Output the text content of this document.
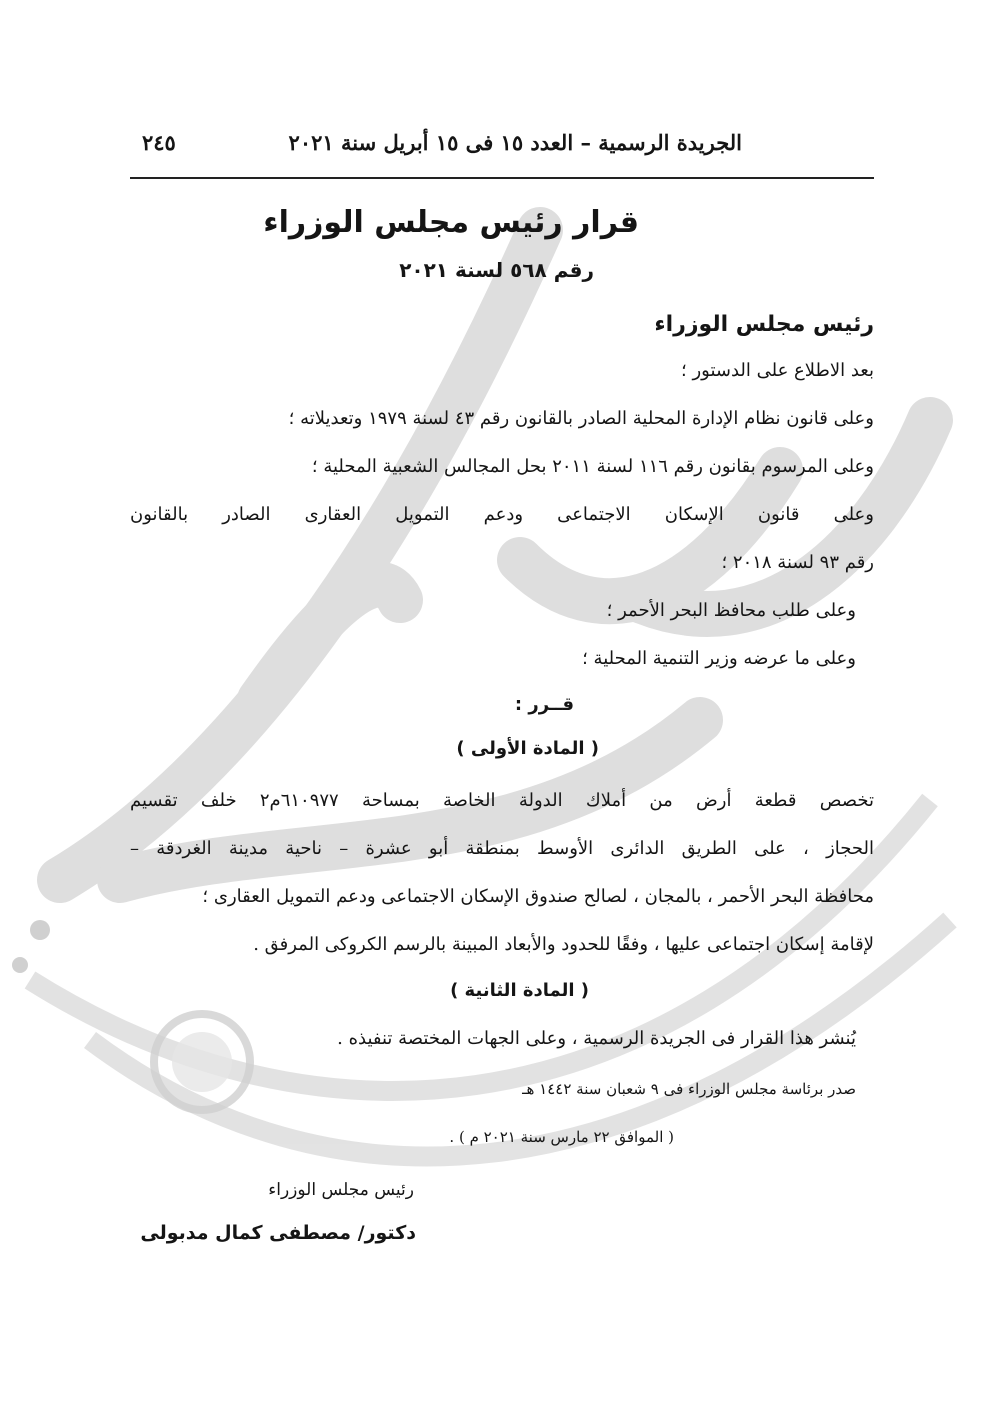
الجريدة الرسمية – العدد ١٥ فى ١٥ أبريل سنة ٢٠٢١
٢٤٥
قرار رئيس مجلس الوزراء
رقم ٥٦٨ لسنة ٢٠٢١
رئيس مجلس الوزراء
بعد الاطلاع على الدستور ؛
وعلى قانون نظام الإدارة المحلية الصادر بالقانون رقم ٤٣ لسنة ١٩٧٩ وتعديلاته ؛
وعلى المرسوم بقانون رقم ١١٦ لسنة ٢٠١١ بحل المجالس الشعبية المحلية ؛
وعلى قانون الإسكان الاجتماعى ودعم التمويل العقارى الصادر بالقانون
رقم ٩٣ لسنة ٢٠١٨ ؛
وعلى طلب محافظ البحر الأحمر ؛
وعلى ما عرضه وزير التنمية المحلية ؛
قــرر :
( المادة الأولى )
تخصص قطعة أرض من أملاك الدولة الخاصة بمساحة ٦١٠٩٧٧م٢ خلف تقسيم
الحجاز ، على الطريق الدائرى الأوسط بمنطقة أبو عشرة – ناحية مدينة الغردقة –
محافظة البحر الأحمر ، بالمجان ، لصالح صندوق الإسكان الاجتماعى ودعم التمويل العقارى ؛
لإقامة إسكان اجتماعى عليها ، وفقًا للحدود والأبعاد المبينة بالرسم الكروكى المرفق .
( المادة الثانية )
يُنشر هذا القرار فى الجريدة الرسمية ، وعلى الجهات المختصة تنفيذه .
صدر برئاسة مجلس الوزراء فى ٩ شعبان سنة ١٤٤٢ هـ
( الموافق ٢٢ مارس سنة ٢٠٢١ م ) .
رئيس مجلس الوزراء
دكتور/ مصطفى كمال مدبولى
